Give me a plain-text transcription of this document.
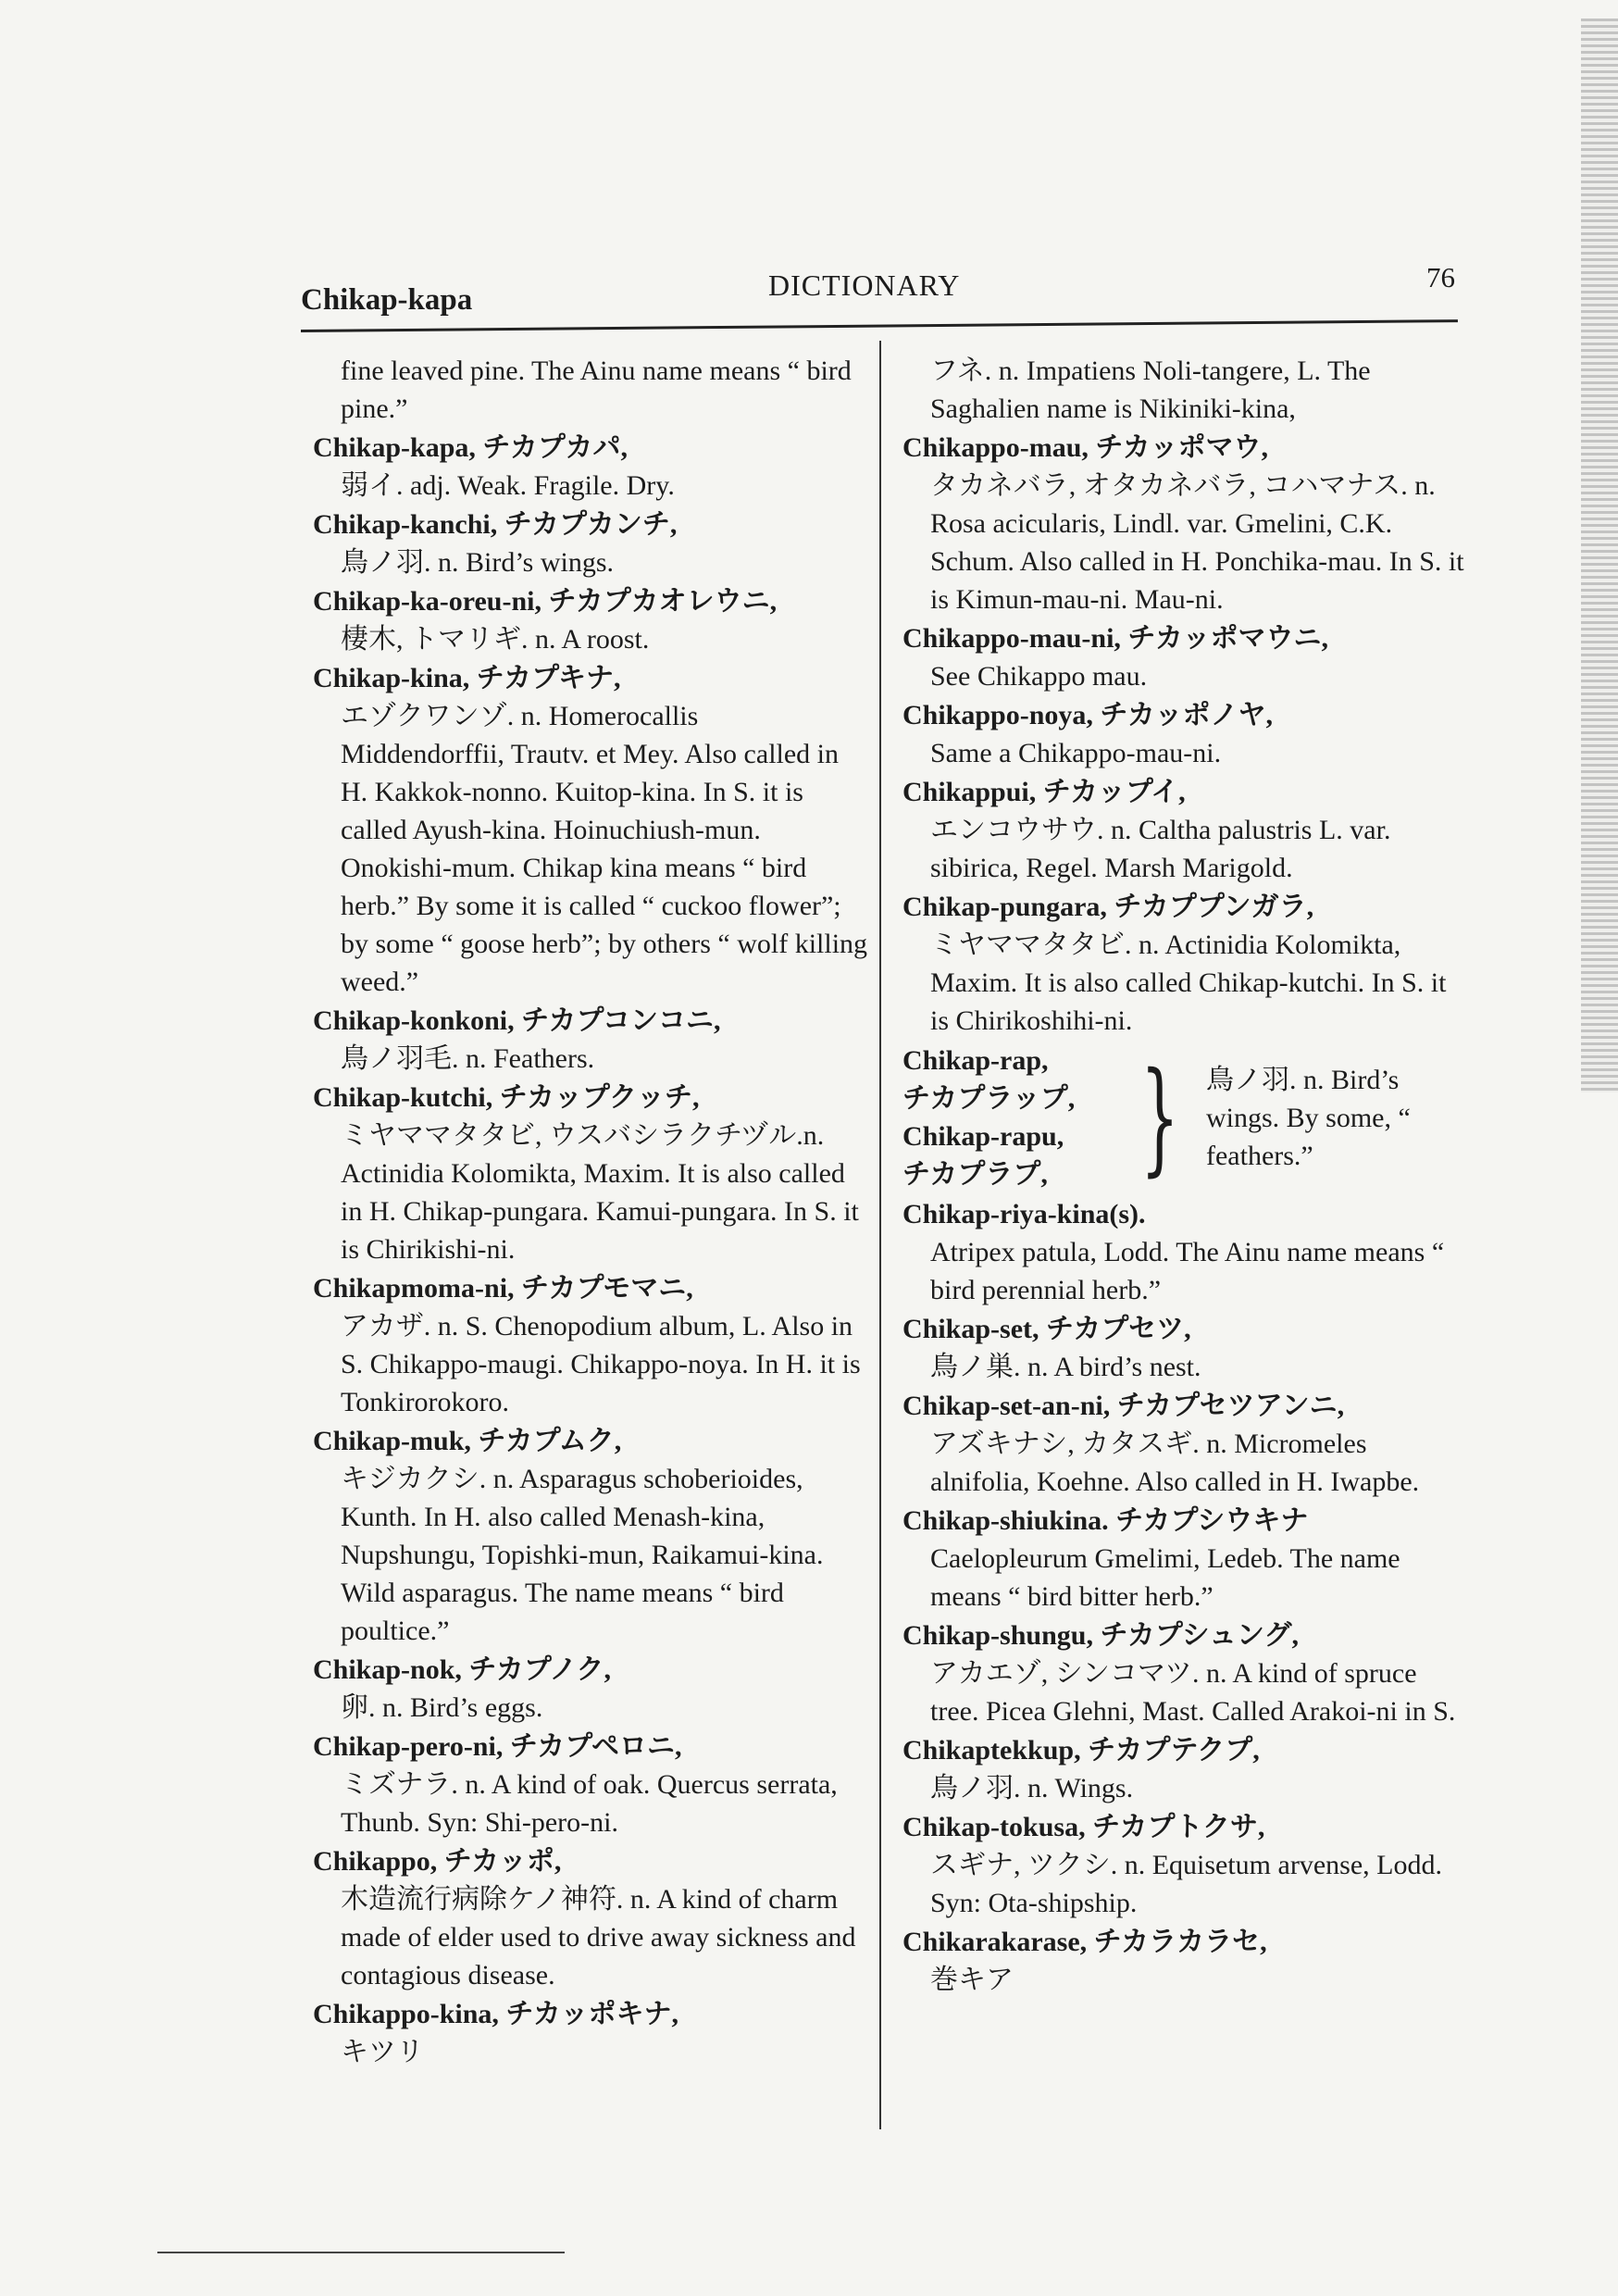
Chikap-kapa	DICTIONARY	76
fine leaved pine. The Ainu name means “ bird pine.”
Chikap-kapa, チカプカパ,
弱イ. adj. Weak. Fragile. Dry.
Chikap-kanchi, チカプカンチ,
鳥ノ羽. n. Bird’s wings.
Chikap-ka-oreu-ni, チカプカオレウニ,
棲木, トマリギ. n. A roost.
Chikap-kina, チカプキナ,
エゾクワンゾ. n. Homerocallis Middendorffii, Trautv. et Mey. Also called in H. Kakkok-nonno. Kuitop-kina. In S. it is called Ayush-kina. Hoinuchiush-mun. Onokishi-mum. Chikap kina means “ bird herb.” By some it is called “ cuckoo flower”; by some “ goose herb”; by others “ wolf killing weed.”
Chikap-konkoni, チカプコンコニ,
鳥ノ羽毛. n. Feathers.
Chikap-kutchi, チカップクッチ,
ミヤママタタビ, ウスバシラクチヅル.n. Actinidia Kolomikta, Maxim. It is also called in H. Chikap-pungara. Kamui-pungara. In S. it is Chirikishi-ni.
Chikapmoma-ni, チカプモマニ,
アカザ. n. S. Chenopodium album, L. Also in S. Chikappo-maugi. Chikappo-noya. In H. it is Tonkirorokoro.
Chikap-muk, チカプムク,
キジカクシ. n. Asparagus schoberioides, Kunth. In H. also called Menash-kina, Nupshungu, Topishki-mun, Raikamui-kina. Wild asparagus. The name means “ bird poultice.”
Chikap-nok, チカプノク,
卵. n. Bird’s eggs.
Chikap-pero-ni, チカプペロニ,
ミズナラ. n. A kind of oak. Quercus serrata, Thunb. Syn: Shi-pero-ni.
Chikappo, チカッポ,
木造流行病除ケノ神符. n. A kind of charm made of elder used to drive away sickness and contagious disease.
Chikappo-kina, チカッポキナ,
キツリ
フネ. n. Impatiens Noli-tangere, L. The Saghalien name is Nikiniki-kina,
Chikappo-mau, チカッポマウ,
タカネバラ, オタカネバラ, コハマナス. n. Rosa acicularis, Lindl. var. Gmelini, C.K. Schum. Also called in H. Ponchika-mau. In S. it is Kimun-mau-ni. Mau-ni.
Chikappo-mau-ni, チカッポマウニ,
See Chikappo mau.
Chikappo-noya, チカッポノヤ,
Same a Chikappo-mau-ni.
Chikappui, チカップイ,
エンコウサウ. n. Caltha palustris L. var. sibirica, Regel. Marsh Marigold.
Chikap-pungara, チカププンガラ,
ミヤママタタビ. n. Actinidia Kolomikta, Maxim. It is also called Chikap-kutchi. In S. it is Chirikoshihi-ni.
Chikap-rap,
チカプラップ,
Chikap-rapu,
チカプラプ, } 鳥ノ羽. n. Bird’s wings. By some, “ feathers.”
Chikap-riya-kina(s).
Atripex patula, Lodd. The Ainu name means “ bird perennial herb.”
Chikap-set, チカプセツ,
鳥ノ巣. n. A bird’s nest.
Chikap-set-an-ni, チカプセツアンニ,
アズキナシ, カタスギ. n. Micromeles alnifolia, Koehne. Also called in H. Iwapbe.
Chikap-shiukina. チカプシウキナ
Caelopleurum Gmelimi, Ledeb. The name means “ bird bitter herb.”
Chikap-shungu, チカプシュング,
アカエゾ, シンコマツ. n. A kind of spruce tree. Picea Glehni, Mast. Called Arakoi-ni in S.
Chikaptekkup, チカプテクプ,
鳥ノ羽. n. Wings.
Chikap-tokusa, チカプトクサ,
スギナ, ツクシ. n. Equisetum arvense, Lodd. Syn: Ota-shipship.
Chikarakarase, チカラカラセ,
巻キア
